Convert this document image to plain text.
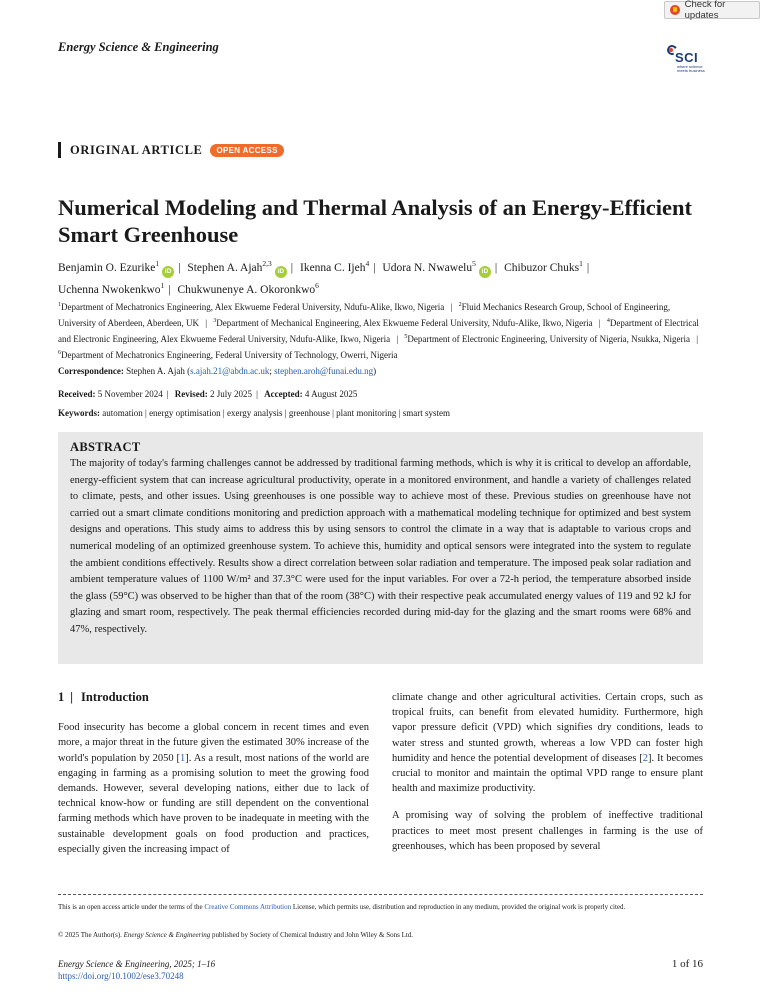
Check for updates
Energy Science & Engineering
SCI
where science
meets business
ORIGINAL ARTICLE	OPEN ACCESS
Numerical Modeling and Thermal Analysis of an Energy-Efficient Smart Greenhouse
Benjamin O. Ezurike$^1$iD | Stephen A. Ajah$^{2,3}$iD | Ikenna C. Ijeh$^4$ | Udora N. Nwawelu$^5$iD | Chibuzor Chuks$^1$ |
Uchenna Nwokenkwo$^1$ | Chukwunenye A. Okoronkwo$^6$
$^1$Department of Mechatronics Engineering, Alex Ekwueme Federal University, Ndufu-Alike, Ikwo, Nigeria | $^2$Fluid Mechanics Research Group, School of Engineering, University of Aberdeen, Aberdeen, UK | $^3$Department of Mechanical Engineering, Alex Ekwueme Federal University, Ndufu-Alike, Ikwo, Nigeria | $^4$Department of Electrical and Electronic Engineering, Alex Ekwueme Federal University, Ndufu-Alike, Ikwo, Nigeria | $^5$Department of Electronic Engineering, University of Nigeria, Nsukka, Nigeria | $^6$Department of Mechatronics Engineering, Federal University of Technology, Owerri, Nigeria
Correspondence: Stephen A. Ajah (s.ajah.21@abdn.ac.uk; stephen.aroh@funai.edu.ng)
Received: 5 November 2024 | Revised: 2 July 2025 | Accepted: 4 August 2025
Keywords: automation | energy optimisation | exergy analysis | greenhouse | plant monitoring | smart system
ABSTRACT

The majority of today's farming challenges cannot be addressed by traditional farming methods, which is why it is critical to develop an affordable, energy-efficient system that can increase agricultural productivity, operate in a monitored environment, and handle a variety of challenges related to climate, pests, and other issues. Using greenhouses is one possible way to achieve most of these. Previous studies on greenhouse have not carried out a smart climate conditions monitoring and prediction approach with a mathematical modeling technique for optimized and best system designs and operations. This study aims to address this by using sensors to control the climate in a way that is adaptable to various crops and numerical modeling of an optimized greenhouse system. To achieve this, humidity and optical sensors were integrated into the system to regulate the ambient conditions effectively. Results show a direct correlation between solar radiation and temperature. The imposed peak solar radiation and ambient temperature values of 1100 W/m² and 37.3°C were used for the input variables. For over a 72-h period, the temperature absorbed inside the glass (59°C) was observed to be higher than that of the room (38°C) with their respective peak accumulated energy values of 119 and 92 kJ for glazing and smart room, respectively. The peak thermal efficiencies recorded during mid-day for the glazing and the smart rooms were 68% and 47%, respectively.

1 | Introduction

Food insecurity has become a global concern in recent times and even more, a major threat in the future given the estimated 30% increase of the world's population by 2050 [1]. As a result, most nations of the world are engaging in farming as a promising solution to meet the growing food demands. However, several developing nations, either due to lack of technical know-how or funding are still dependent on the conventional farming methods which have proven to be inadequate in meeting with the sustainable development goals on food production and practices, especially given the increasing impact of

climate change and other agricultural activities. Certain crops, such as tropical fruits, can benefit from elevated humidity. Furthermore, high vapor pressure deficit (VPD) which signifies dry conditions, leads to water stress and stunted growth, whereas a low VPD can foster high humidity and hence the potential development of diseases [2]. It becomes crucial to monitor and maintain the optimal VPD range to ensure plant health and maximize productivity.

A promising way of solving the problem of ineffective traditional practices to meet most present challenges in farming is the use of greenhouses, which has been proposed by several

This is an open access article under the terms of the Creative Commons Attribution License, which permits use, distribution and reproduction in any medium, provided the original work is properly cited.
© 2025 The Author(s). Energy Science & Engineering published by Society of Chemical Industry and John Wiley & Sons Ltd.
Energy Science & Engineering, 2025; 1–16
https://doi.org/10.1002/ese3.70248
1 of 16
